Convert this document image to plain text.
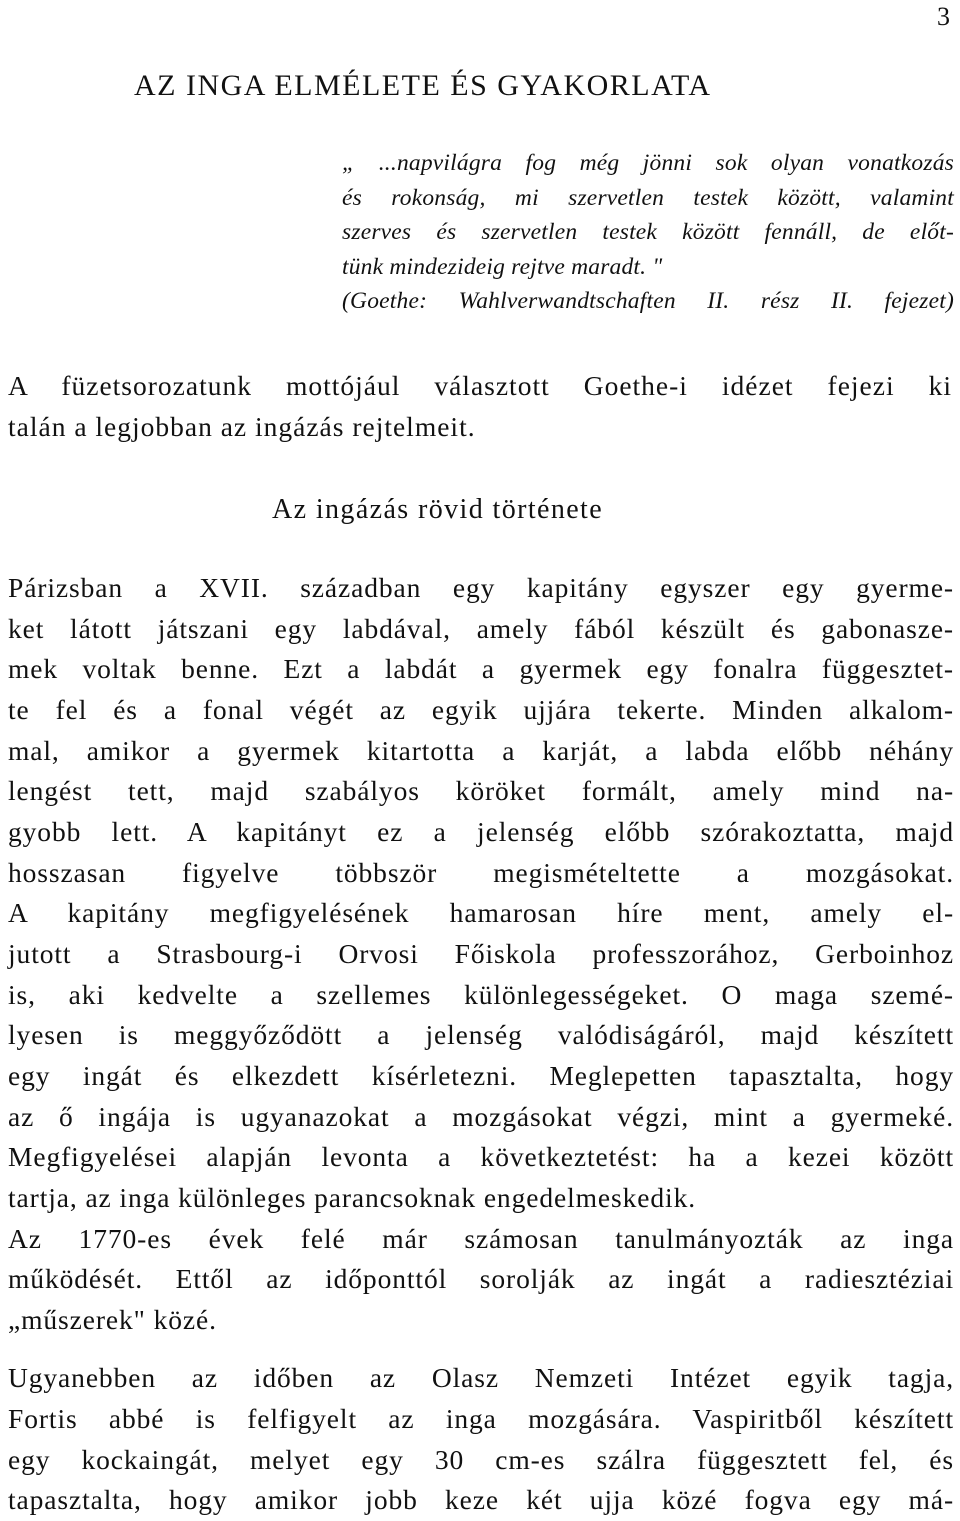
3
AZ INGA ELMÉLETE ÉS GYAKORLATA
„ ...napvilágra fog még jönni sok olyan vonatkozás
és rokonság, mi szervetlen testek között, valamint
szerves és szervetlen testek között fennáll, de előt-
tünk mindezideig rejtve maradt. "
(Goethe: Wahlverwandtschaften II. rész II. fejezet)
A füzetsorozatunk mottójául választott Goethe-i idézet fejezi ki
talán a legjobban az ingázás rejtelmeit.
Az ingázás rövid története
Párizsban a XVII. században egy kapitány egyszer egy gyerme-
ket látott játszani egy labdával, amely fából készült és gabonasze-
mek voltak benne. Ezt a labdát a gyermek egy fonalra függesztet-
te fel és a fonal végét az egyik ujjára tekerte. Minden alkalom-
mal, amikor a gyermek kitartotta a karját, a labda előbb néhány
lengést tett, majd szabályos köröket formált, amely mind na-
gyobb lett. A kapitányt ez a jelenség előbb szórakoztatta, majd
hosszasan figyelve többször megismételtette a mozgásokat.
A kapitány megfigyelésének hamarosan híre ment, amely el-
jutott a Strasbourg-i Orvosi Főiskola professzorához, Gerboinhoz
is, aki kedvelte a szellemes különlegességeket. O maga szemé-
lyesen is meggyőződött a jelenség valódiságáról, majd készített
egy ingát és elkezdett kísérletezni. Meglepetten tapasztalta, hogy
az ő ingája is ugyanazokat a mozgásokat végzi, mint a gyermeké.
Megfigyelései alapján levonta a következtetést: ha a kezei között
tartja, az inga különleges parancsoknak engedelmeskedik.
Az 1770-es évek felé már számosan tanulmányozták az inga
működését. Ettől az időponttól sorolják az ingát a radiesztéziai
„műszerek" közé.
Ugyanebben az időben az Olasz Nemzeti Intézet egyik tagja,
Fortis abbé is felfigyelt az inga mozgására. Vaspiritből készített
egy kockaingát, melyet egy 30 cm-es szálra függesztett fel, és
tapasztalta, hogy amikor jobb keze két ujja közé fogva egy má-
